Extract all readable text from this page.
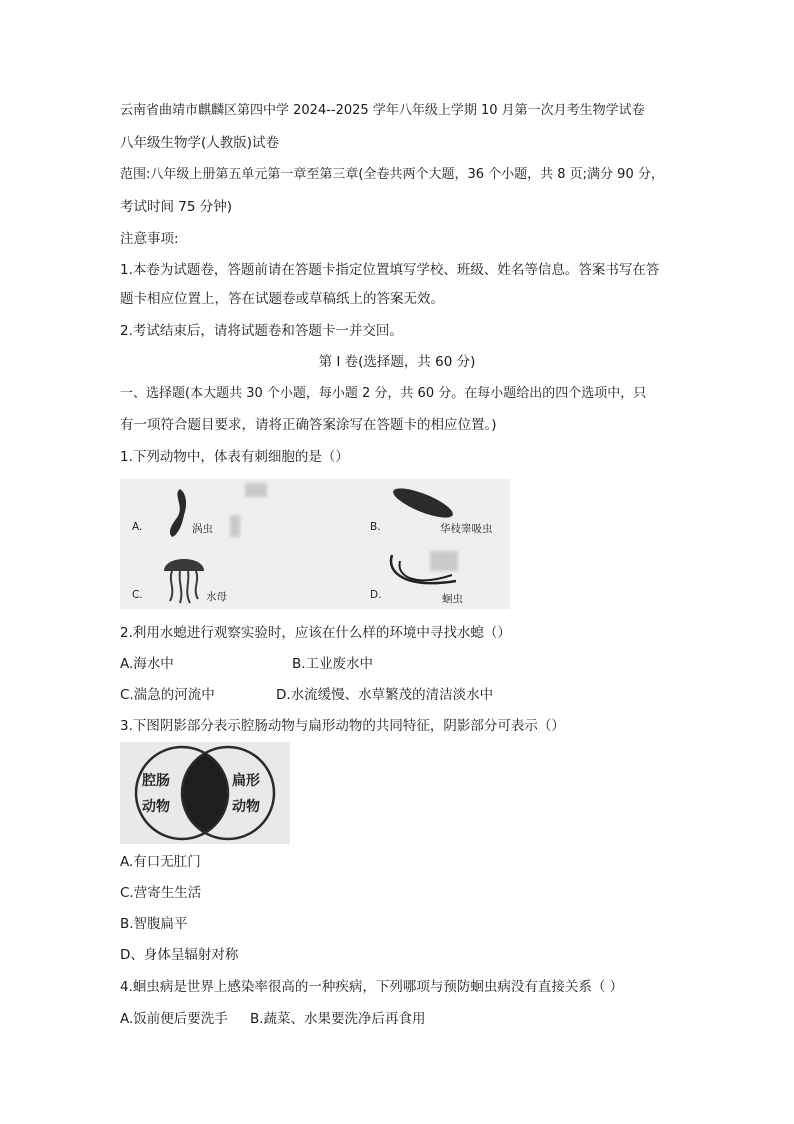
云南省曲靖市麒麟区第四中学 2024--2025 学年八年级上学期 10 月第一次月考生物学试卷
八年级生物学(人教版)试卷
范围:八年级上册第五单元第一章至第三章(全卷共两个大题，36 个小题，共 8 页;满分 90 分，
考试时间 75 分钟)
注意事项:
1.本卷为试题卷，答题前请在答题卡指定位置填写学校、班级、姓名等信息。答案书写在答
题卡相应位置上，答在试题卷或草稿纸上的答案无效。
2.考试结束后，请将试题卷和答题卡一并交回。
第 I 卷(选择题，共 60 分)
一、选择题(本大题共 30 个小题，每小题 2 分，共 60 分。在每小题给出的四个选项中，只
有一项符合题目要求，请将正确答案涂写在答题卡的相应位置。)
1.下列动物中，体表有刺细胞的是（）
A.	涡虫	B.	华枝睾吸虫
C.	水母	D.	蛔虫
2.利用水螅进行观察实验时，应该在什么样的环境中寻找水螅（）
A.海水中	B.工业废水中
C.湍急的河流中	D.水流缓慢、水草繁茂的清洁淡水中
3.下图阴影部分表示腔肠动物与扁形动物的共同特征，阴影部分可表示（）
腔肠
动物
扁形
动物
A.有口无肛门
C.营寄生生活
B.智腹扁平
D、身体呈辐射对称
4.蛔虫病是世界上感染率很高的一种疾病，下列哪项与预防蛔虫病没有直接关系（ ）
A.饭前便后要洗手 B.蔬菜、水果要洗净后再食用
